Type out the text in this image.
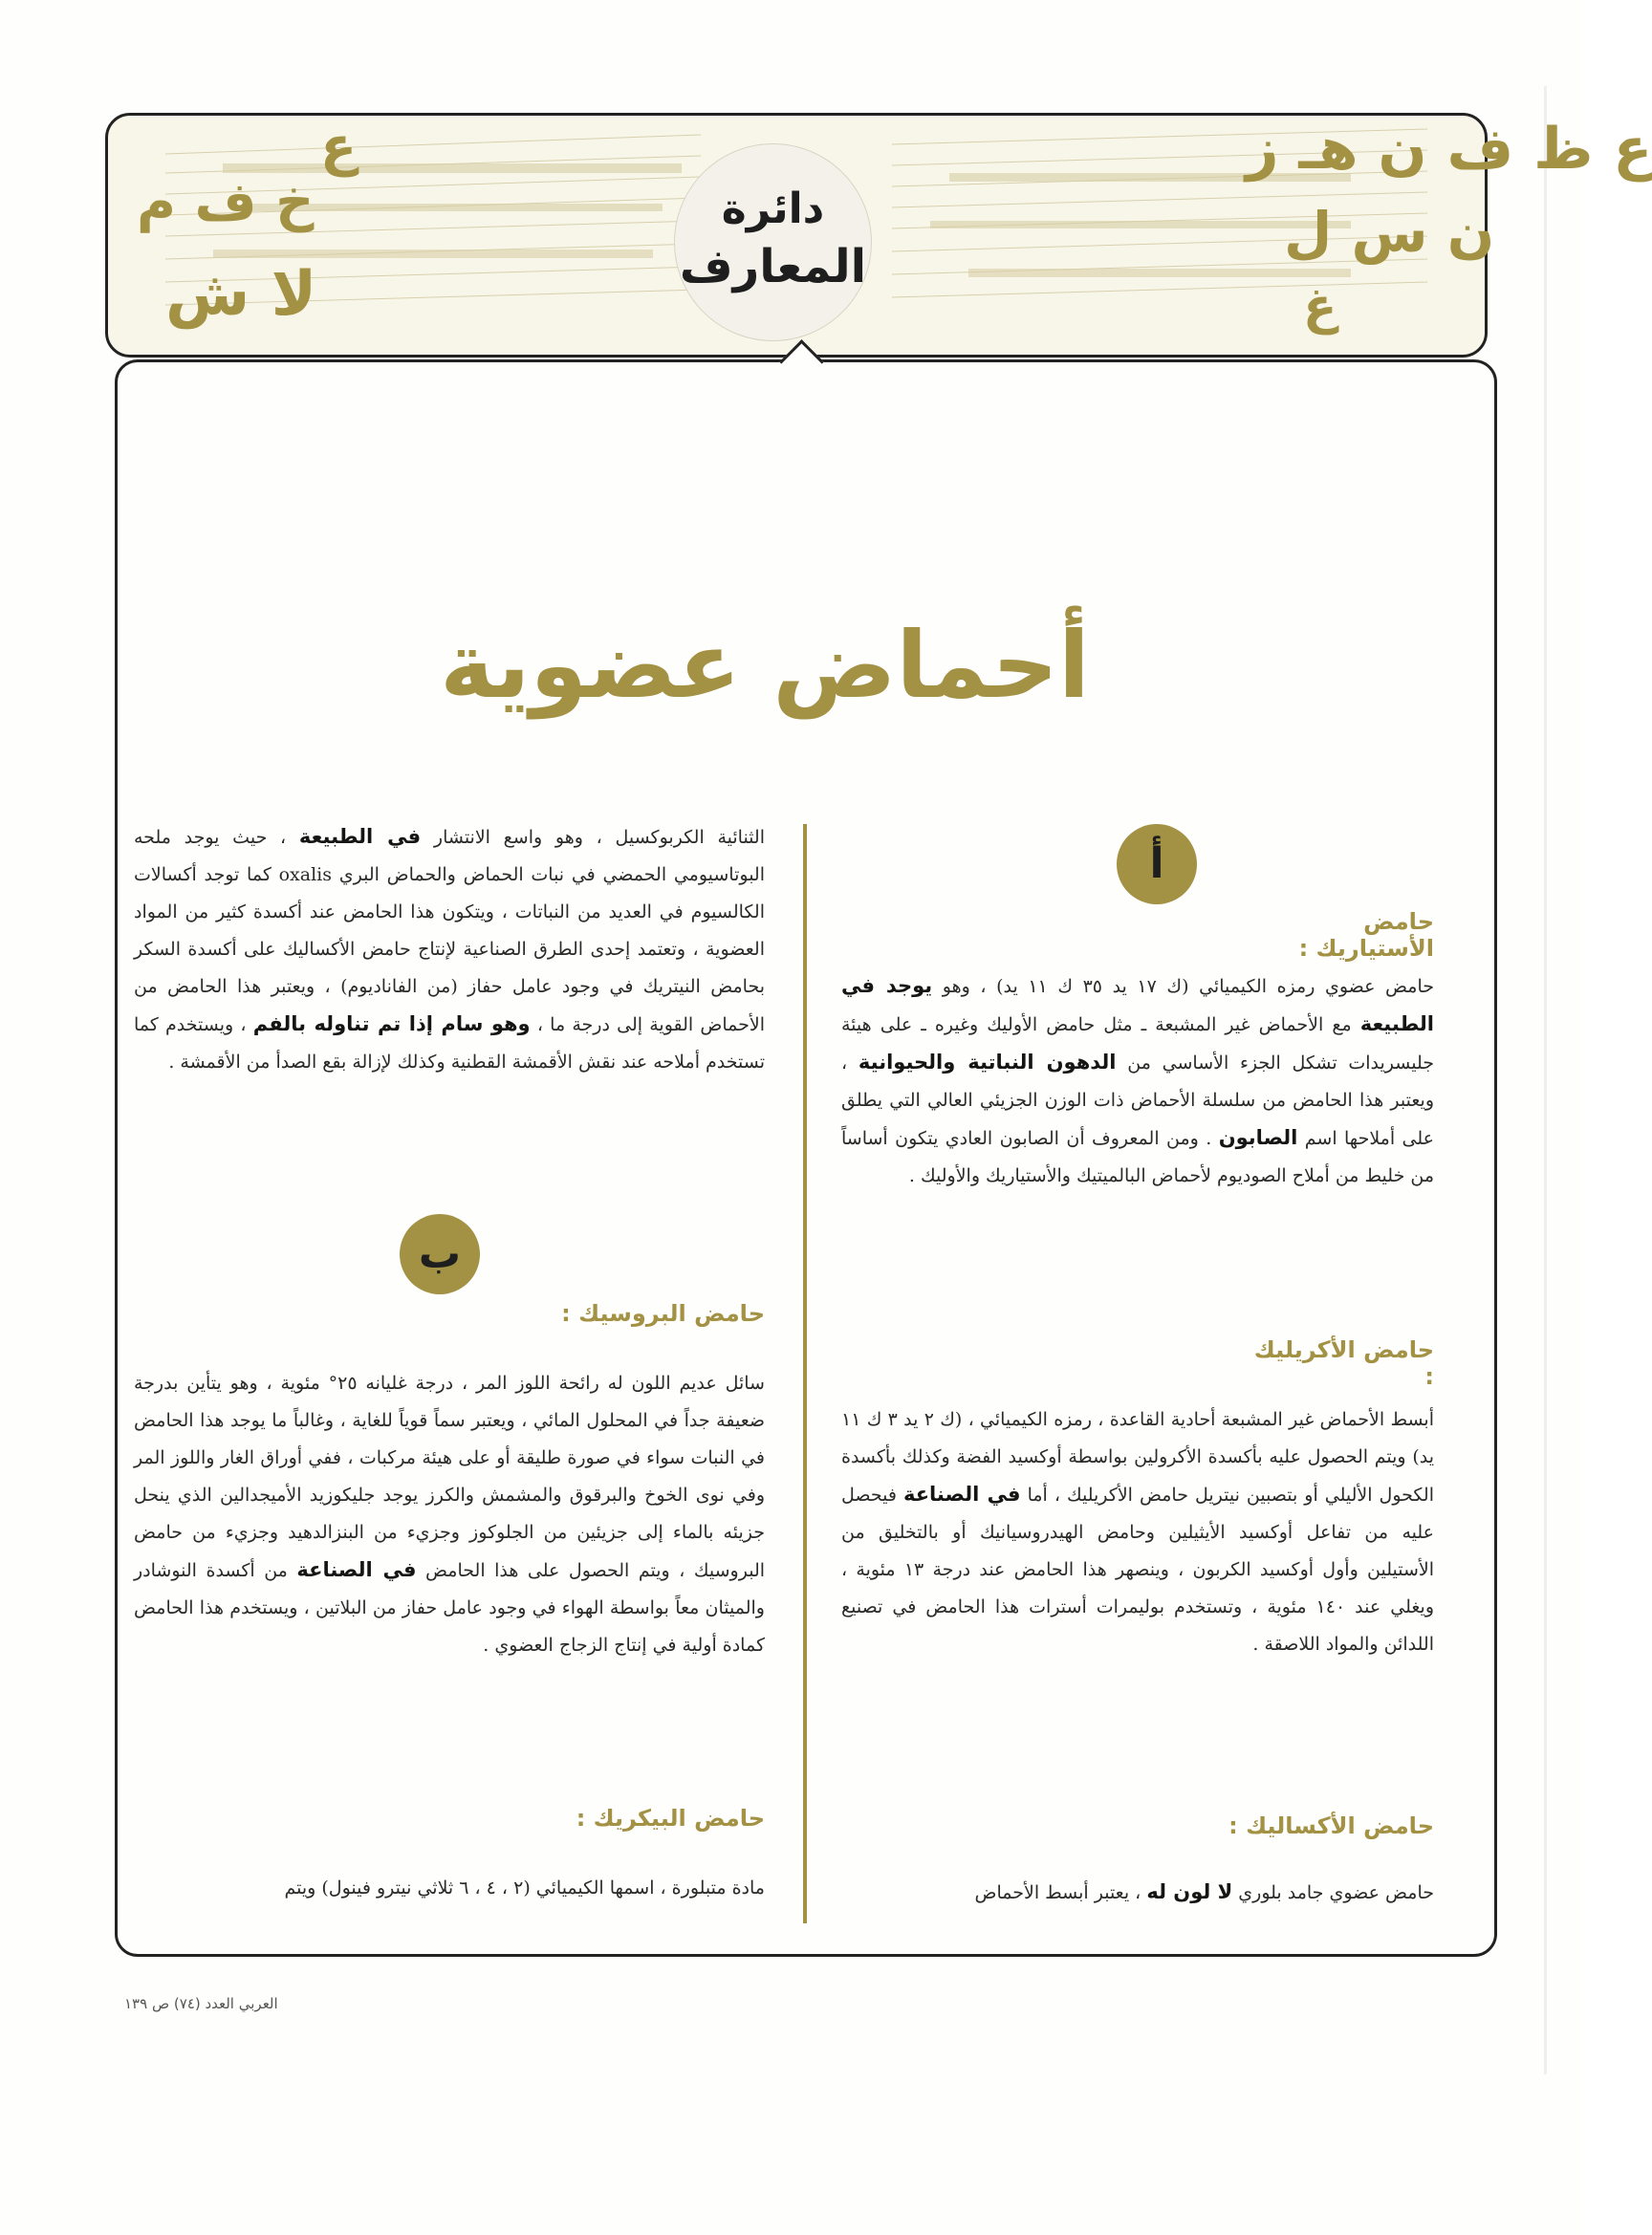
ع ظ ف ن هـ ز
ن س ل
غ
ع
خ ف م
لا ش
دائرة
المعارف
أحماض عضوية
أ
حامض الأستياريك :
حامض عضوي رمزه الكيميائي (ك ١٧ يد ٣٥ ك ١١ يد) ، وهو يوجد في الطبيعة مع الأحماض غير المشبعة ـ مثل حامض الأوليك وغيره ـ على هيئة جليسريدات تشكل الجزء الأساسي من الدهون النباتية والحيوانية ، ويعتبر هذا الحامض من سلسلة الأحماض ذات الوزن الجزيئي العالي التي يطلق على أملاحها اسم الصابون . ومن المعروف أن الصابون العادي يتكون أساساً من خليط من أملاح الصوديوم لأحماض البالميتيك والأستياريك والأوليك .
حامض الأكريليك :
أبسط الأحماض غير المشبعة أحادية القاعدة ، رمزه الكيميائي ، (ك ٢ يد ٣ ك ١١ يد) ويتم الحصول عليه بأكسدة الأكرولين بواسطة أوكسيد الفضة وكذلك بأكسدة الكحول الأليلي أو بتصبين نيتريل حامض الأكريليك ، أما في الصناعة فيحصل عليه من تفاعل أوكسيد الأيثيلين وحامض الهيدروسيانيك أو بالتخليق من الأستيلين وأول أوكسيد الكربون ، وينصهر هذا الحامض عند درجة ١٣ مئوية ، ويغلي عند ١٤٠ مئوية ، وتستخدم بوليمرات أسترات هذا الحامض في تصنيع اللدائن والمواد اللاصقة .
حامض الأكساليك :
حامض عضوي جامد بلوري لا لون له ، يعتبر أبسط الأحماض
الثنائية الكربوكسيل ، وهو واسع الانتشار في الطبيعة ، حيث يوجد ملحه البوتاسيومي الحمضي في نبات الحماض والحماض البري oxalis كما توجد أكسالات الكالسيوم في العديد من النباتات ، ويتكون هذا الحامض عند أكسدة كثير من المواد العضوية ، وتعتمد إحدى الطرق الصناعية لإنتاج حامض الأكساليك على أكسدة السكر بحامض النيتريك في وجود عامل حفاز (من الفاناديوم) ، ويعتبر هذا الحامض من الأحماض القوية إلى درجة ما ، وهو سام إذا تم تناوله بالفم ، ويستخدم كما تستخدم أملاحه عند نقش الأقمشة القطنية وكذلك لإزالة بقع الصدأ من الأقمشة .
ب
حامض البروسيك :
سائل عديم اللون له رائحة اللوز المر ، درجة غليانه ٢٥° مئوية ، وهو يتأين بدرجة ضعيفة جداً في المحلول المائي ، ويعتبر سماً قوياً للغاية ، وغالباً ما يوجد هذا الحامض في النبات سواء في صورة طليقة أو على هيئة مركبات ، ففي أوراق الغار واللوز المر وفي نوى الخوخ والبرقوق والمشمش والكرز يوجد جليكوزيد الأميجدالين الذي ينحل جزيئه بالماء إلى جزيئين من الجلوكوز وجزيء من البنزالدهيد وجزيء من حامض البروسيك ، ويتم الحصول على هذا الحامض في الصناعة من أكسدة النوشادر والميثان معاً بواسطة الهواء في وجود عامل حفاز من البلاتين ، ويستخدم هذا الحامض كمادة أولية في إنتاج الزجاج العضوي .
حامض البيكريك :
مادة متبلورة ، اسمها الكيميائي (٢ ، ٤ ، ٦ ثلاثي نيترو فينول) ويتم
العربي العدد (٧٤) ص ١٣٩
